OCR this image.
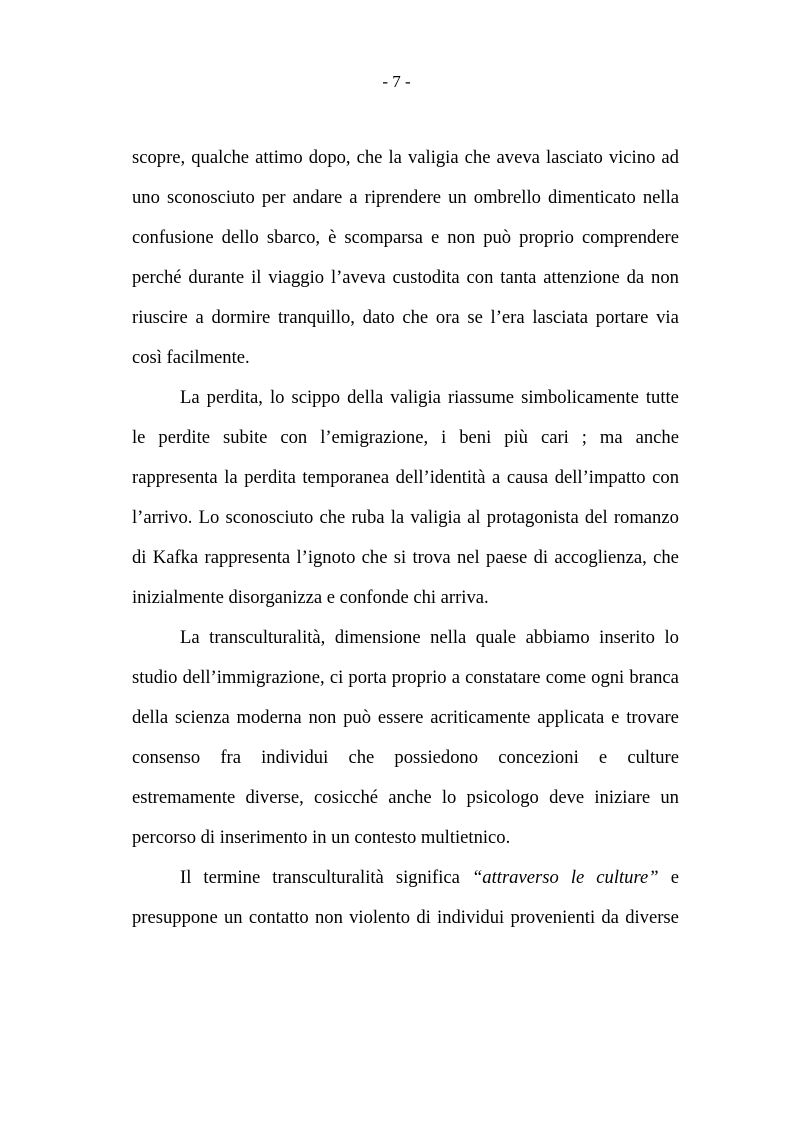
- 7 -
scopre, qualche attimo dopo, che la valigia che aveva lasciato vicino ad
uno sconosciuto per andare a riprendere un ombrello dimenticato nella
confusione dello sbarco, è scomparsa e non può proprio comprendere
perché durante il viaggio l’aveva custodita con tanta attenzione da non
riuscire a dormire tranquillo, dato che ora se l’era lasciata portare via
così facilmente.
La perdita, lo scippo della valigia riassume simbolicamente tutte
le perdite subite con l’emigrazione, i beni più cari ; ma anche
rappresenta la perdita temporanea dell’identità a causa dell’impatto con
l’arrivo. Lo sconosciuto che ruba la valigia al protagonista del romanzo
di Kafka rappresenta l’ignoto che si trova nel paese di accoglienza, che
inizialmente disorganizza e confonde chi arriva.
La transculturalità, dimensione nella quale abbiamo inserito lo
studio dell’immigrazione, ci porta proprio a constatare come ogni branca
della scienza moderna non può essere acriticamente applicata e trovare
consenso fra individui che possiedono concezioni e culture
estremamente diverse, cosicché anche lo psicologo deve iniziare un
percorso di inserimento in un contesto multietnico.
Il termine transculturalità significa “attraverso le culture” e
presuppone un contatto non violento di individui provenienti da diverse
